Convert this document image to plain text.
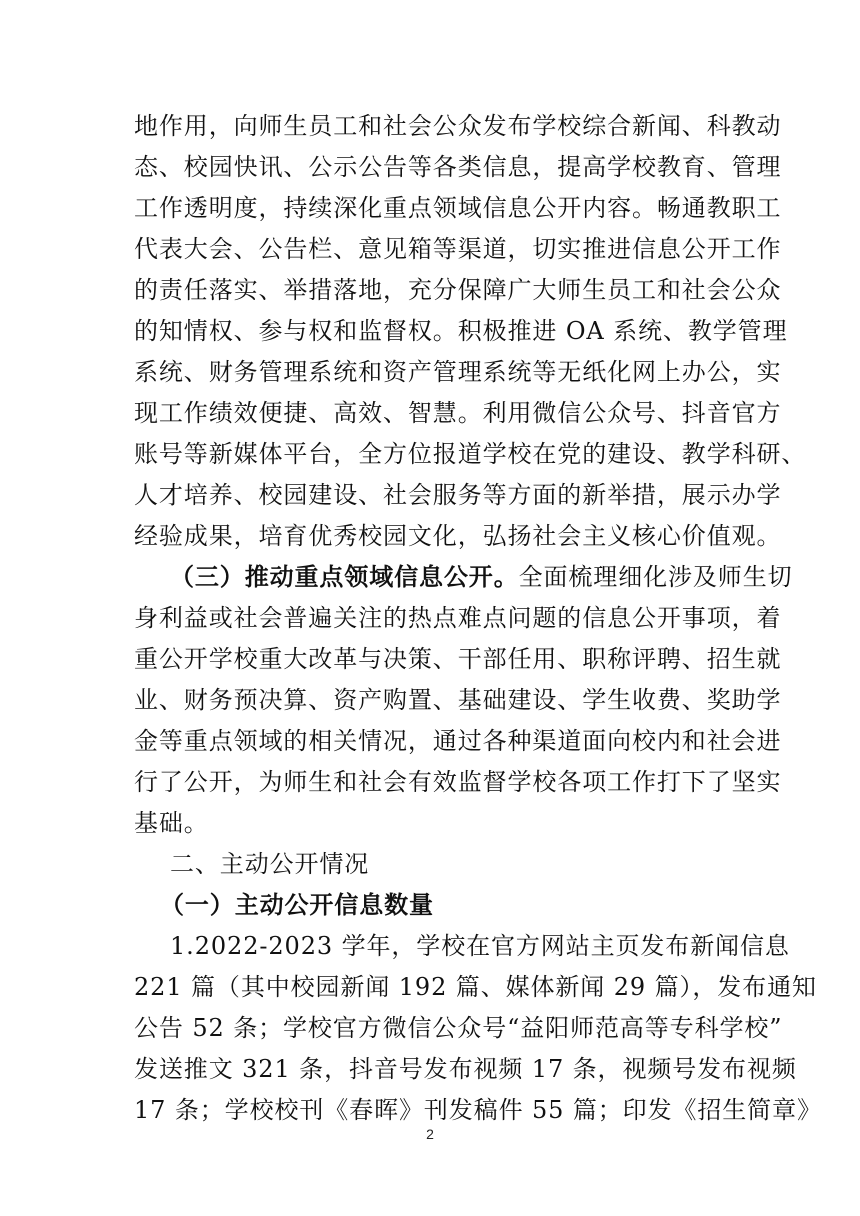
地作用，向师生员工和社会公众发布学校综合新闻、科教动
态、校园快讯、公示公告等各类信息，提高学校教育、管理
工作透明度，持续深化重点领域信息公开内容。畅通教职工
代表大会、公告栏、意见箱等渠道，切实推进信息公开工作
的责任落实、举措落地，充分保障广大师生员工和社会公众
的知情权、参与权和监督权。积极推进 OA 系统、教学管理
系统、财务管理系统和资产管理系统等无纸化网上办公，实
现工作绩效便捷、高效、智慧。利用微信公众号、抖音官方
账号等新媒体平台，全方位报道学校在党的建设、教学科研、
人才培养、校园建设、社会服务等方面的新举措，展示办学
经验成果，培育优秀校园文化，弘扬社会主义核心价值观。
（三）推动重点领域信息公开。全面梳理细化涉及师生切
身利益或社会普遍关注的热点难点问题的信息公开事项，着
重公开学校重大改革与决策、干部任用、职称评聘、招生就
业、财务预决算、资产购置、基础建设、学生收费、奖助学
金等重点领域的相关情况，通过各种渠道面向校内和社会进
行了公开，为师生和社会有效监督学校各项工作打下了坚实
基础。
二、主动公开情况
（一）主动公开信息数量
1.2022-2023 学年，学校在官方网站主页发布新闻信息
221 篇（其中校园新闻 192 篇、媒体新闻 29 篇），发布通知
公告 52 条；学校官方微信公众号“益阳师范高等专科学校”
发送推文 321 条，抖音号发布视频 17 条，视频号发布视频
17 条；学校校刊《春晖》刊发稿件 55 篇；印发《招生简章》
2
